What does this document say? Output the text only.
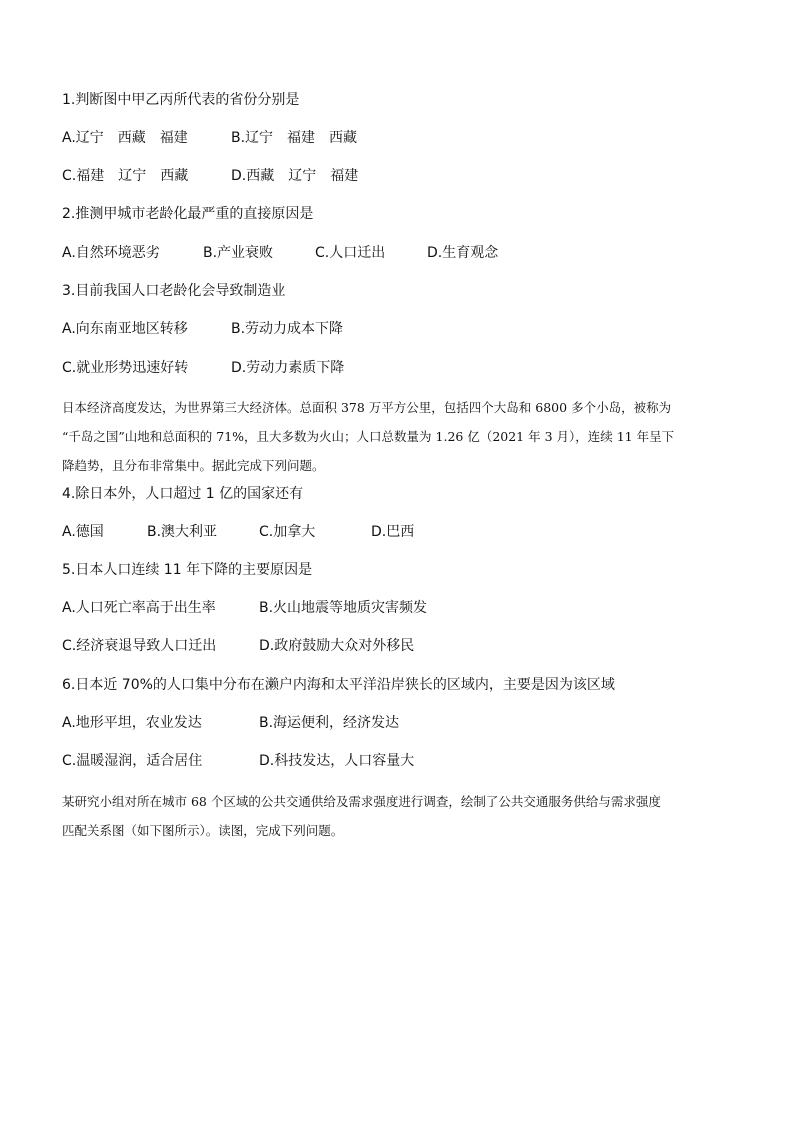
1.判断图中甲乙丙所代表的省份分别是
A.辽宁　西藏　福建	B.辽宁　福建　西藏
C.福建　辽宁　西藏	D.西藏　辽宁　福建
2.推测甲城市老龄化最严重的直接原因是
A.自然环境恶劣	B.产业衰败	C.人口迁出	D.生育观念
3.目前我国人口老龄化会导致制造业
A.向东南亚地区转移	B.劳动力成本下降
C.就业形势迅速好转	D.劳动力素质下降
日本经济高度发达，为世界第三大经济体。总面积 378 万平方公里，包括四个大岛和 6800 多个小岛，被称为
“千岛之国”山地和总面积的 71%，且大多数为火山；人口总数量为 1.26 亿（2021 年 3 月），连续 11 年呈下
降趋势，且分布非常集中。据此完成下列问题。
4.除日本外，人口超过 1 亿的国家还有
A.德国	B.澳大利亚	C.加拿大	D.巴西
5.日本人口连续 11 年下降的主要原因是
A.人口死亡率高于出生率	B.火山地震等地质灾害频发
C.经济衰退导致人口迁出	D.政府鼓励大众对外移民
6.日本近 70%的人口集中分布在濑户内海和太平洋沿岸狭长的区域内，主要是因为该区域
A.地形平坦，农业发达	B.海运便利，经济发达
C.温暖湿润，适合居住	D.科技发达，人口容量大
某研究小组对所在城市 68 个区域的公共交通供给及需求强度进行调查，绘制了公共交通服务供给与需求强度
匹配关系图（如下图所示）。读图，完成下列问题。
